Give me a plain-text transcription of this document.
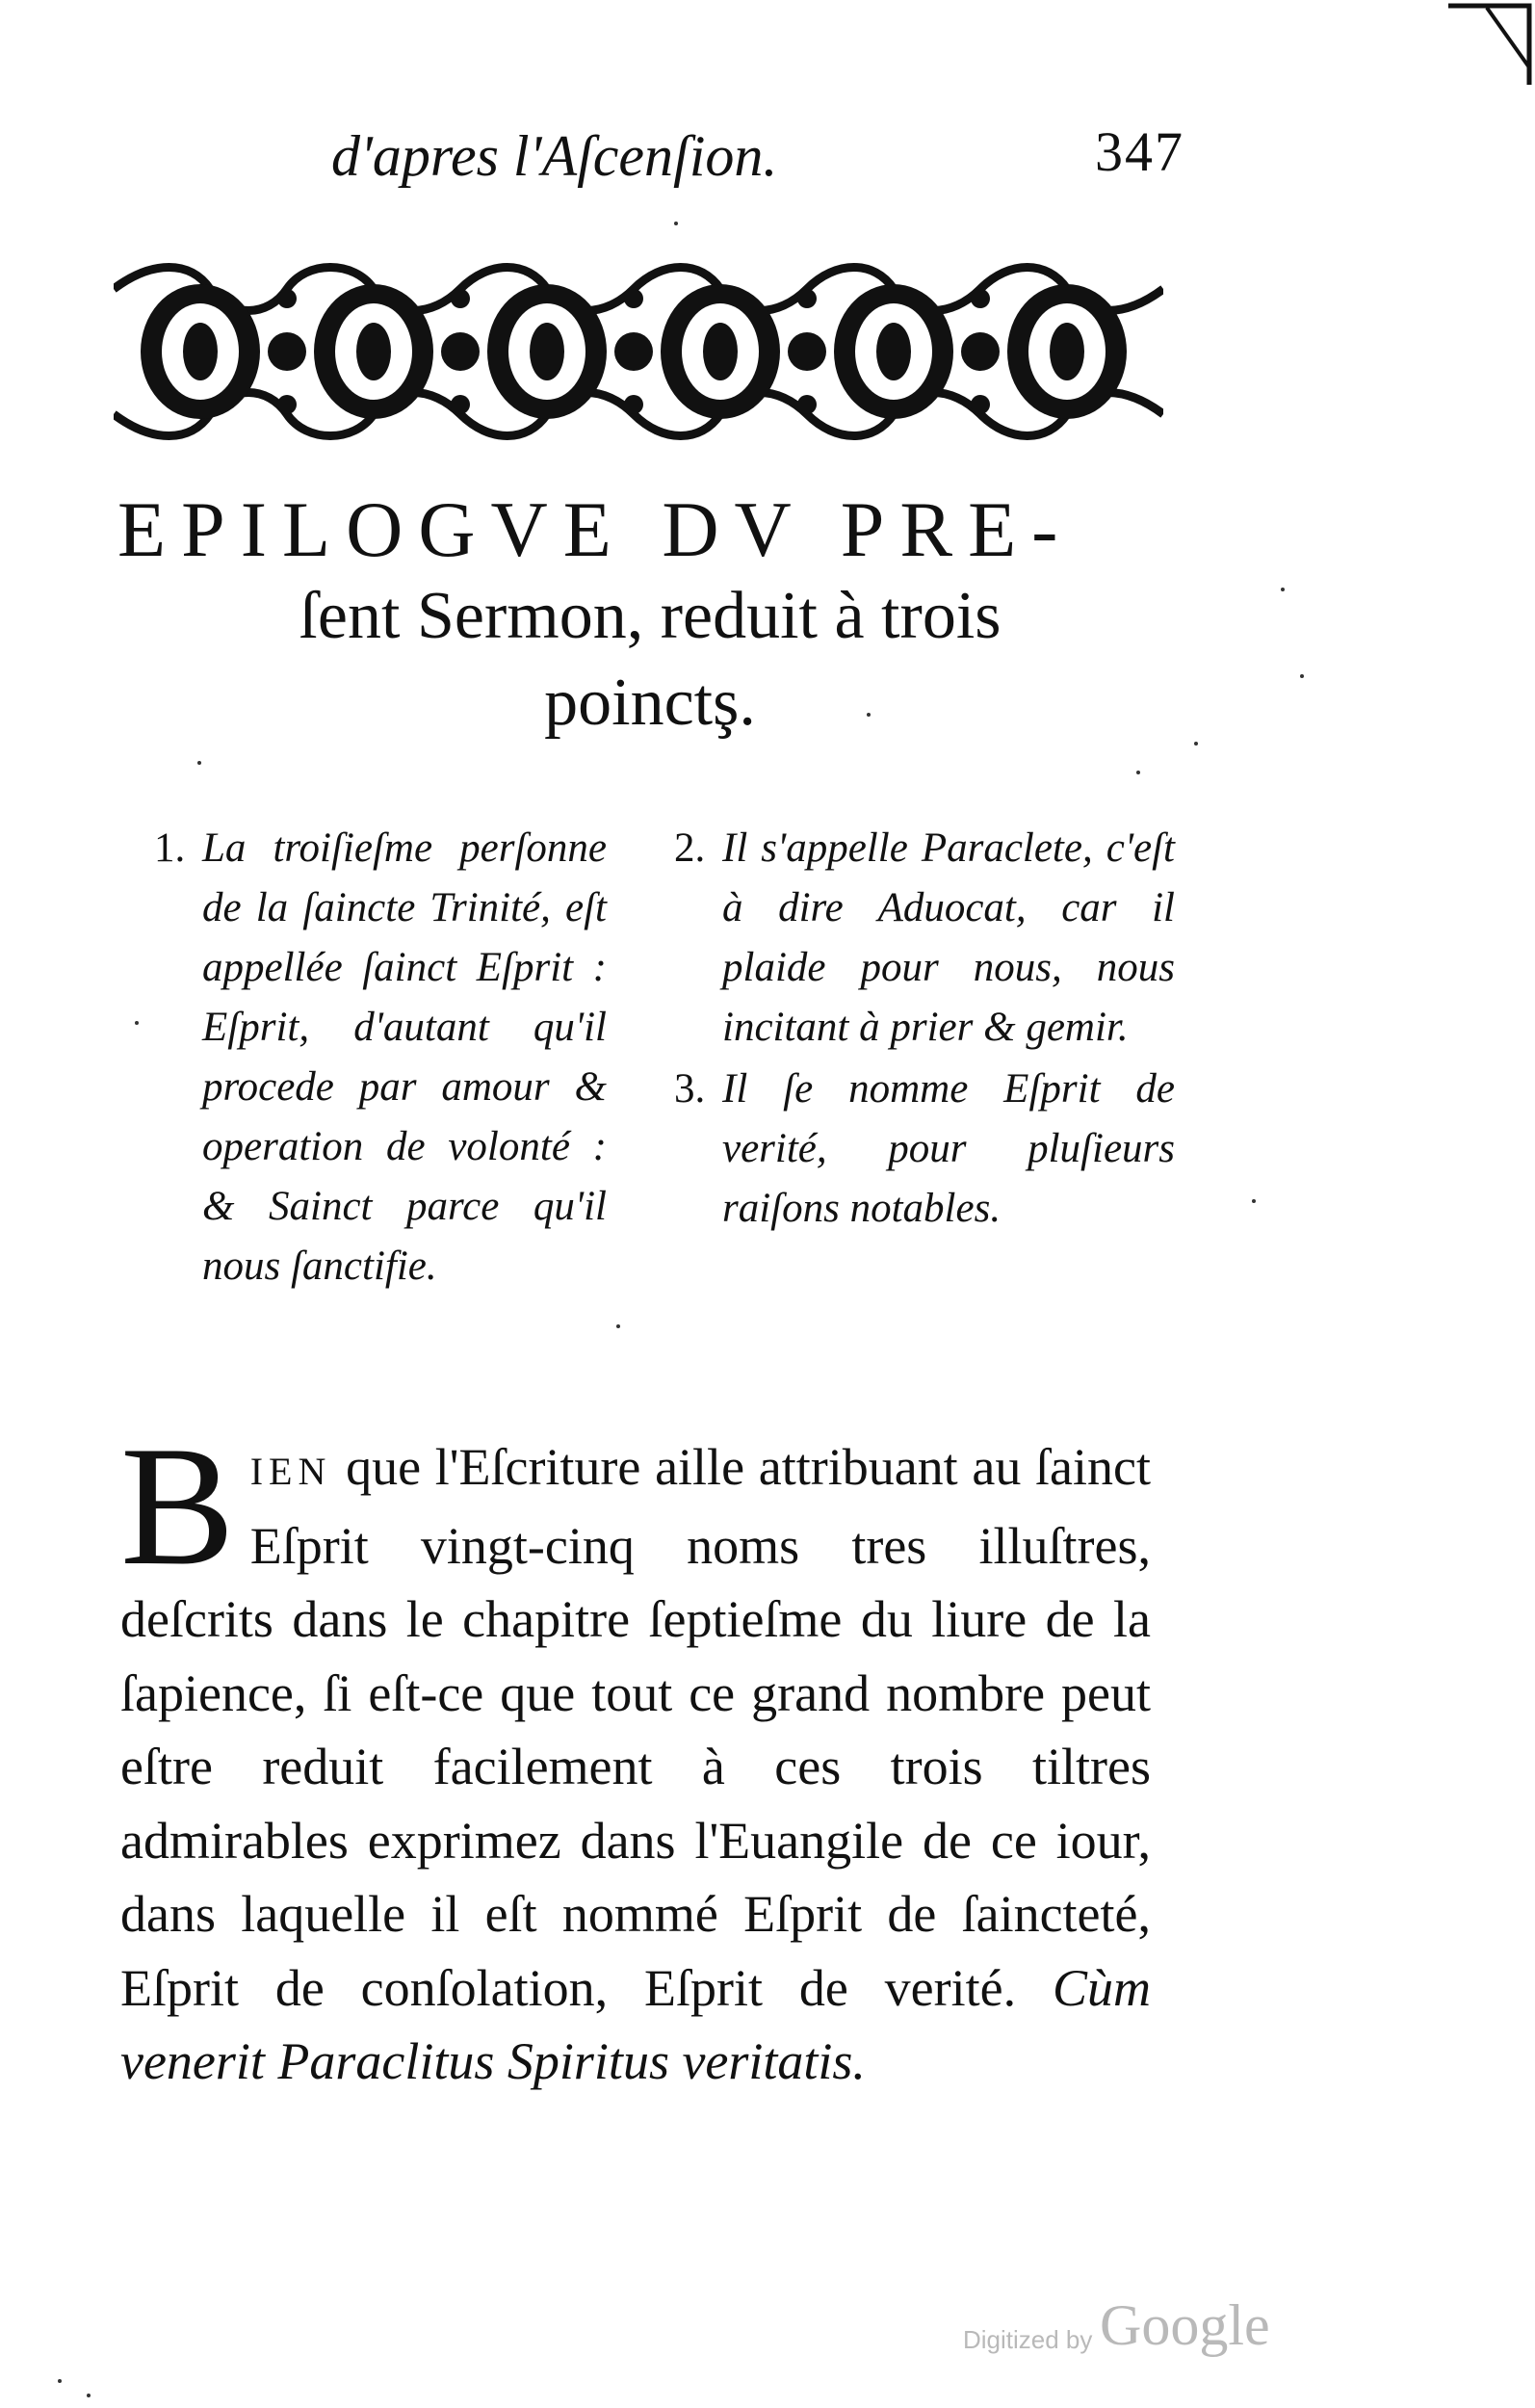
d'apres l'Aſcenſion.	347
EPILOGVE DV PRE-
ſent Sermon, reduit à trois
poinctş.
1. La troiſieſme perſonne de la ſaincte Trinité, eſt appellée ſainct Eſprit : Eſprit, d'autant qu'il procede par amour & operation de volonté : & Sainct parce qu'il nous ſanctifie.
2. Il s'appelle Paraclete, c'eſt à dire Aduocat, car il plaide pour nous, nous incitant à prier & gemir.
3. Il ſe nomme Eſprit de verité, pour pluſieurs raiſons notables.
BIEN que l'Eſcriture aille attribuant au ſainct Eſprit vingt-cinq noms tres illuſtres, deſcrits dans le chapitre ſeptieſme du liure de la ſapience, ſi eſt-ce que tout ce grand nombre peut eſtre reduit facilement à ces trois tiltres admirables exprimez dans l'Euangile de ce iour, dans laquelle il eſt nommé Eſprit de ſaincteté, Eſprit de conſolation, Eſprit de verité. Cùm venerit Paraclitus Spiritus veritatis.
Digitized by Google
